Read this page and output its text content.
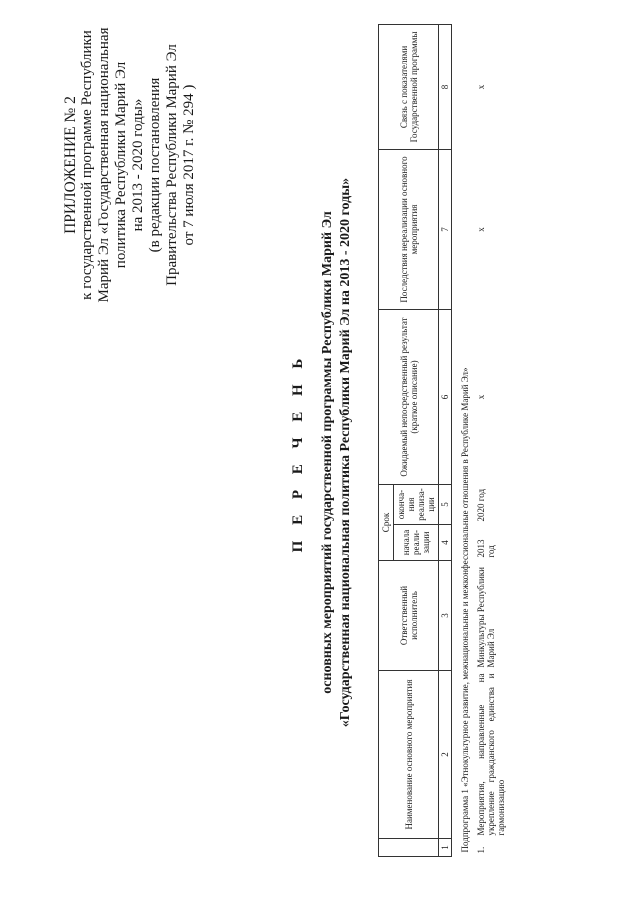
ПРИЛОЖЕНИЕ № 2 к государственной программе Республики Марий Эл «Государственная национальная политика Республики Марий Эл на 2013 - 2020 годы» (в редакции постановления Правительства Республики Марий Эл от 7 июля 2017 г. № 294 )
П Е Р Е Ч Е Н Ь основных мероприятий государственной программы Республики Марий Эл «Государственная национальная политика Республики Марий Эл на 2013 - 2020 годы»
	Наименование основного мероприятия	Ответственный исполнитель	Срок		Ожидаемый непосредственный результат (краткое описание)	Последствия нереализации основного мероприятия	Связь с показателями Государственной программы
			начала реали-зации	оконча-ния реализа-ции			
1	2	3	4	5	6	7	8
Подпрограмма 1 «Этнокультурное развитие, межнациональные и межконфессиональные отношения в Республике Марий Эл»							
1.	Мероприятия, направленные на укрепление гражданского единства и гармонизацию	Минкультуры Республики Марий Эл	2013 год	2020 год	x	x	x
